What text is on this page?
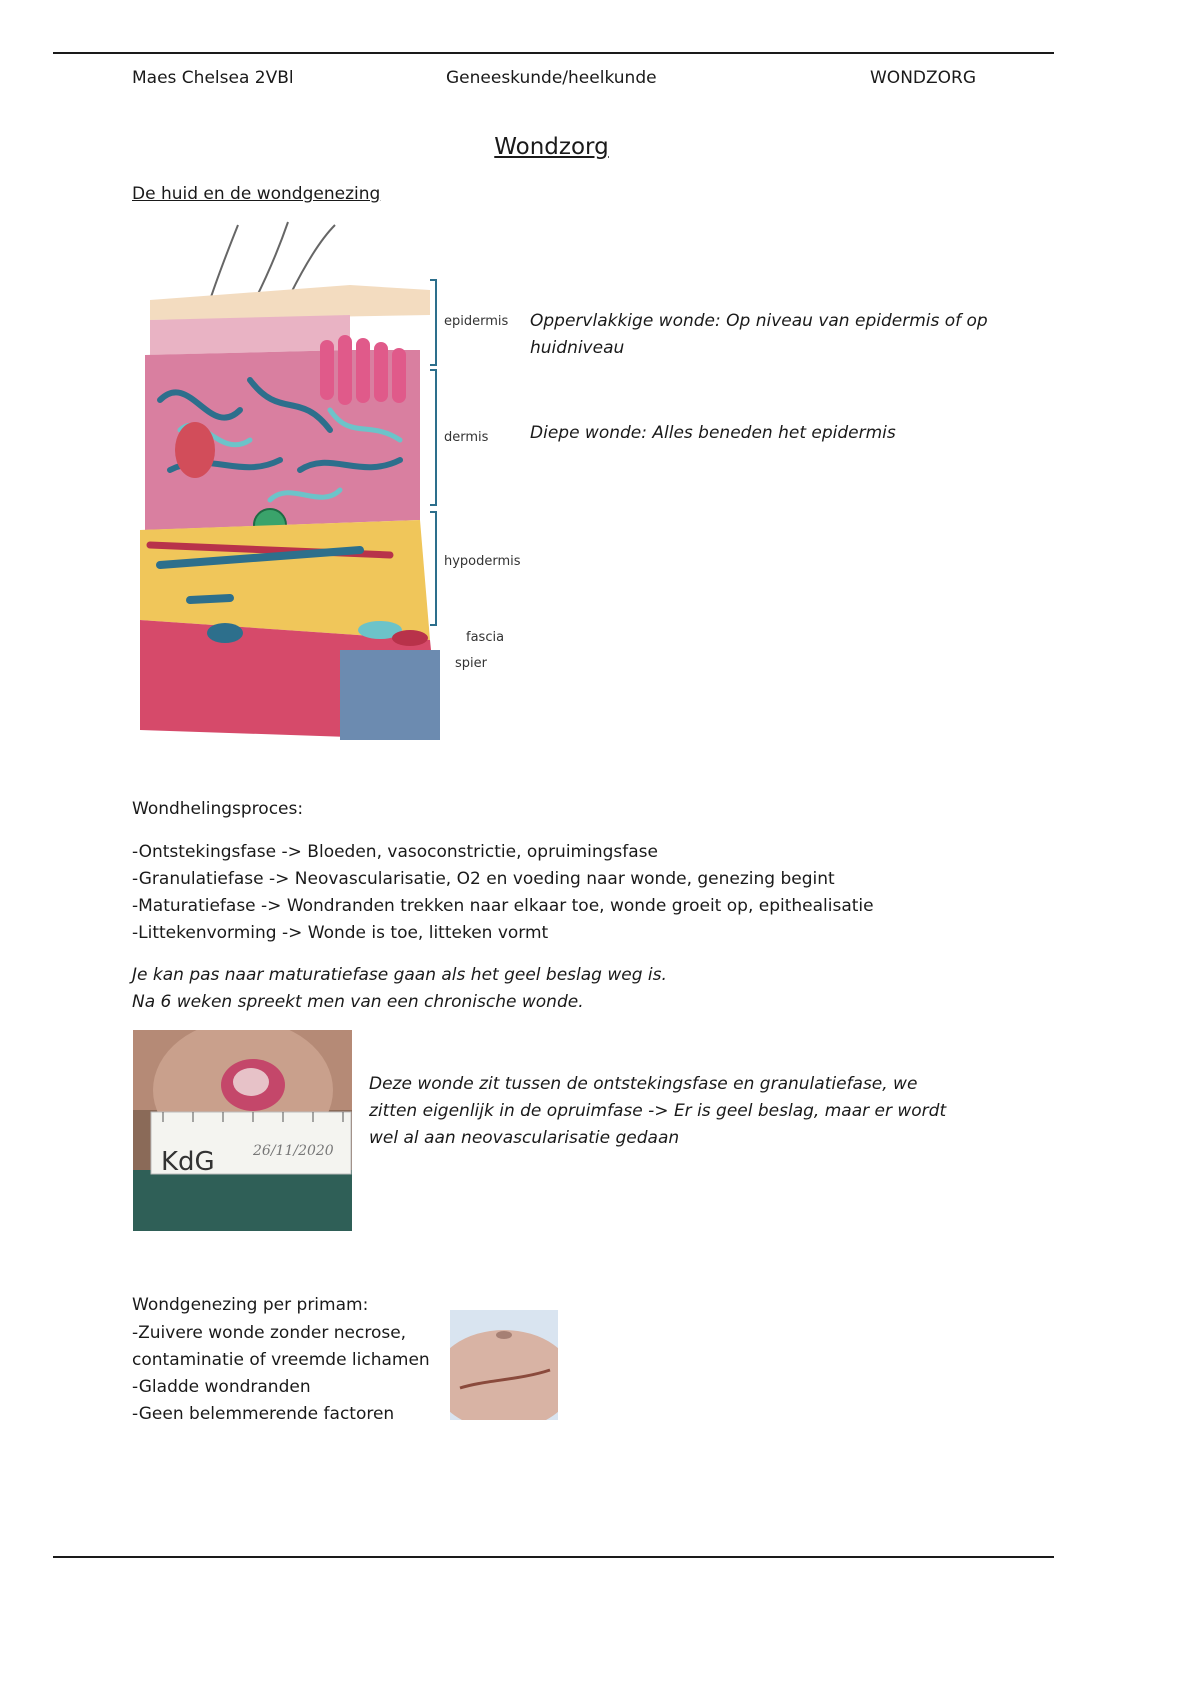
Maes Chelsea 2VBl	Geneeskunde/heelkunde	WONDZORG
Wondzorg
De huid en de wondgenezing
epidermis
dermis
hypodermis
fascia
spier
Oppervlakkige wonde: Op niveau van epidermis of op huidniveau
Diepe wonde: Alles beneden het epidermis
Wondhelingsproces:
-Ontstekingsfase -> Bloeden, vasoconstrictie, opruimingsfase
-Granulatiefase -> Neovascularisatie, O2 en voeding naar wonde, genezing begint
-Maturatiefase -> Wondranden trekken naar elkaar toe, wonde groeit op, epithealisatie
-Littekenvorming -> Wonde is toe, litteken vormt
Je kan pas naar maturatiefase gaan als het geel beslag weg is.
Na 6 weken spreekt men van een chronische wonde.
KdG	26/11/2020
Deze wonde zit tussen de ontstekingsfase en granulatiefase, we zitten eigenlijk in de opruimfase -> Er is geel beslag, maar er wordt wel al aan neovascularisatie gedaan
Wondgenezing per primam:
-Zuivere wonde zonder necrose, contaminatie of vreemde lichamen
-Gladde wondranden
-Geen belemmerende factoren
